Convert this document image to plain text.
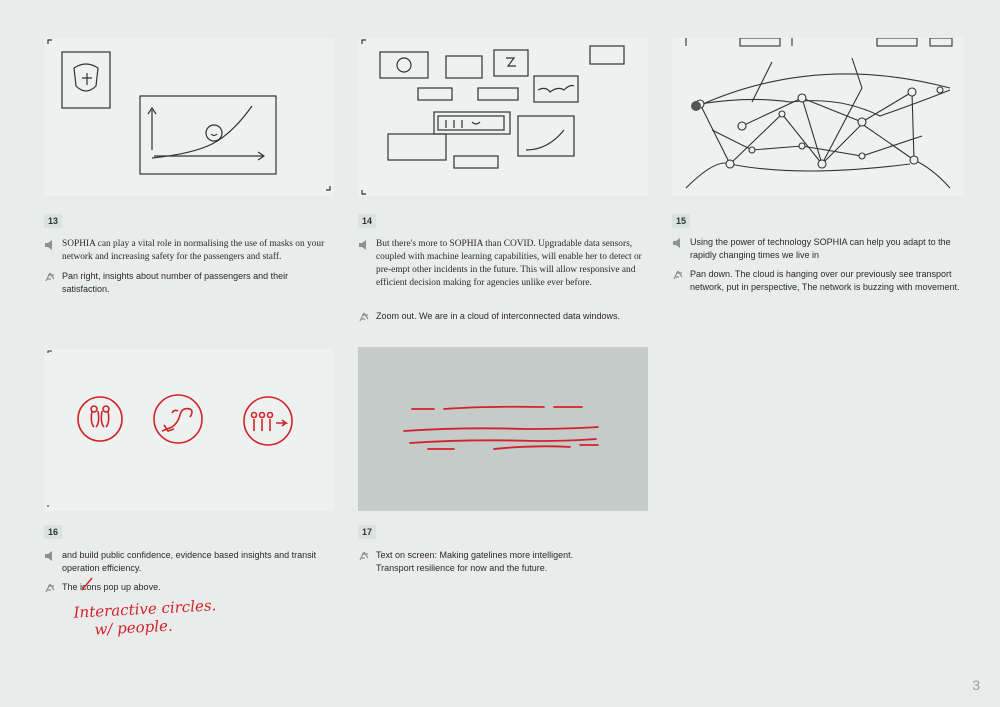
13
SOPHIA can play a vital role in normalising the use of masks on your network and increasing safety for the passengers and staff.
Pan right, insights about number of passengers and their satisfaction.
14
But there's more to SOPHIA than COVID. Upgradable data sensors, coupled with machine learning capabilities, will enable her to detect or pre-empt other incidents in the future. This will allow responsive and efficient decision making for agencies unlike ever before.
Zoom out. We are in a cloud of interconnected data windows.
15
Using the power of technology SOPHIA can help you adapt to the rapidly changing times we live in
Pan down. The cloud is hanging over our previously see transport network, put in perspective, The network is buzzing with movement.
16
and build public confidence, evidence based insights and transit operation efficiency.
The icons pop up above.
Interactive circles.
w/ people.
17
Text on screen: Making gatelines more intelligent. Transport resilience for now and the future.
3
